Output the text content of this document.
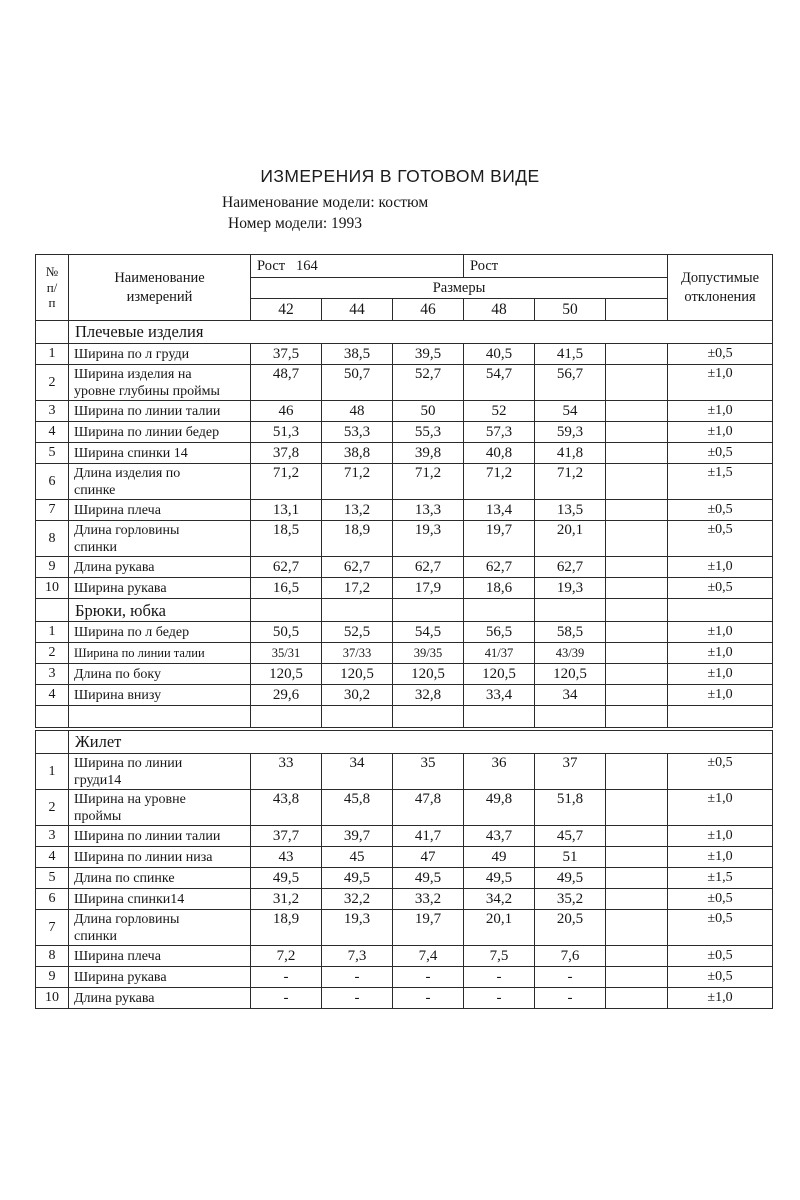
ИЗМЕРЕНИЯ В ГОТОВОМ ВИДЕ
Наименование модели: костюм
Номер модели: 1993
№
п/
п	Наименование
измерений	Рост   164			Рост			Допустимые
отклонения

		Размеры						
		42	44	46	48	50		
	Плечевые изделия							
1	Ширина по л груди	37,5	38,5	39,5	40,5	41,5		±0,5
2	Ширина изделия на
уровне глубины проймы	48,7	50,7	52,7	54,7	56,7		±1,0
3	Ширина по линии талии	46	48	50	52	54		±1,0
4	Ширина по линии бедер	51,3	53,3	55,3	57,3	59,3		±1,0
5	Ширина спинки 14	37,8	38,8	39,8	40,8	41,8		±0,5
6	Длина изделия по
спинке	71,2	71,2	71,2	71,2	71,2		±1,5
7	Ширина плеча	13,1	13,2	13,3	13,4	13,5		±0,5
8	Длина горловины
спинки	18,5	18,9	19,3	19,7	20,1		±0,5
9	Длина рукава	62,7	62,7	62,7	62,7	62,7		±1,0
10	Ширина рукава	16,5	17,2	17,9	18,6	19,3		±0,5
	Брюки, юбка							
1	Ширина по л бедер	50,5	52,5	54,5	56,5	58,5		±1,0
2	Ширина по линии талии	35/31	37/33	39/35	41/37	43/39		±1,0
3	Длина по боку	120,5	120,5	120,5	120,5	120,5		±1,0
4	Ширина внизу	29,6	30,2	32,8	33,4	34		±1,0

	Жилет							
1	Ширина по линии
груди14	33	34	35	36	37		±0,5
2	Ширина на уровне
проймы	43,8	45,8	47,8	49,8	51,8		±1,0
3	Ширина по линии талии	37,7	39,7	41,7	43,7	45,7		±1,0
4	Ширина по линии низа	43	45	47	49	51		±1,0
5	Длина по спинке	49,5	49,5	49,5	49,5	49,5		±1,5
6	Ширина спинки14	31,2	32,2	33,2	34,2	35,2		±0,5
7	Длина горловины
спинки	18,9	19,3	19,7	20,1	20,5		±0,5
8	Ширина плеча	7,2	7,3	7,4	7,5	7,6		±0,5
9	Ширина рукава	-	-	-	-	-		±0,5
10	Длина рукава	-	-	-	-	-		±1,0
